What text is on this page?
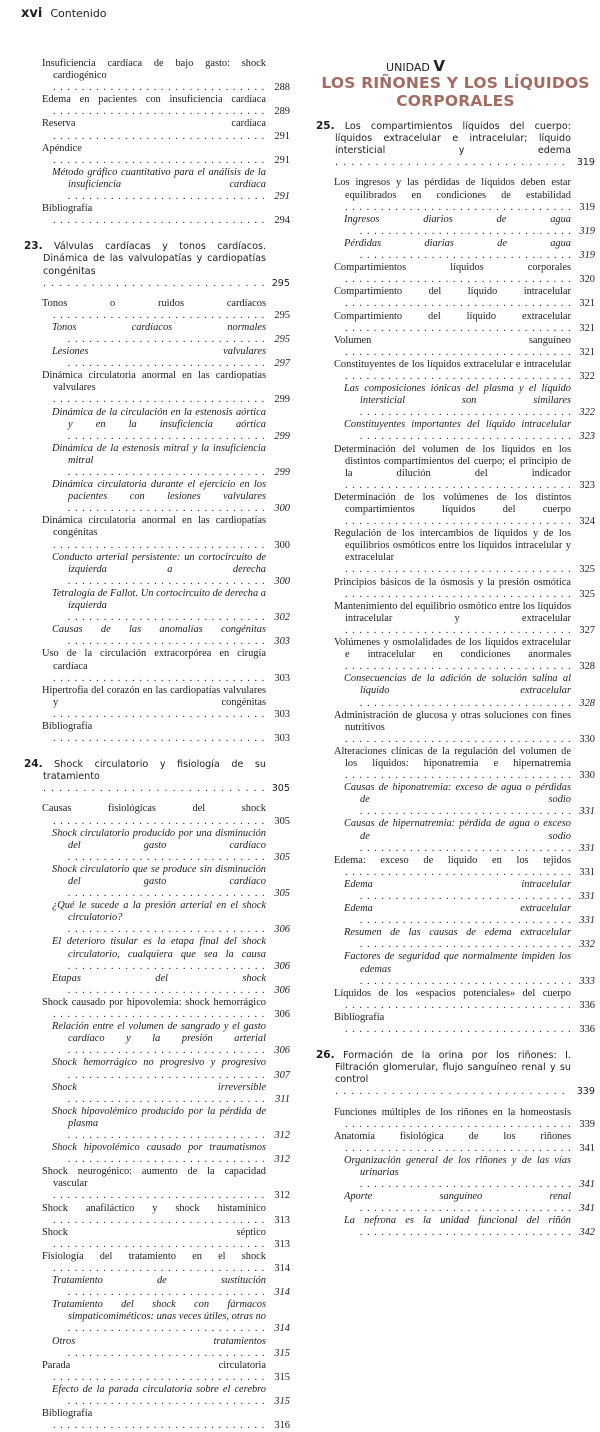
xvi Contenido
Insuficiencia cardíaca de bajo gasto: shock cardiogénico . . .
288
Edema en pacientes con insuficiencia cardíaca . . .
289
Reserva cardíaca . . .
291
Apéndice . . .
291
Método gráfico cuantitativo para el análisis de la insuficiencia cardíaca . . .
291
Bibliografía . . .
294
23. Válvulas cardíacas y tonos cardíacos. Dinámica de las valvulopatías y cardiopatías congénitas . . .
295
Tonos o ruidos cardíacos . . .
295
Tonos cardíacos normales . . .
295
Lesiones valvulares . . .
297
Dinámica circulatoria anormal en las cardiopatías valvulares . . .
299
Dinámica de la circulación en la estenosis aórtica y en la insuficiencia aórtica . . .
299
Dinámica de la estenosis mitral y la insuficiencia mitral . . .
299
Dinámica circulatoria durante el ejercicio en los pacientes con lesiones valvulares . . .
300
Dinámica circulatoria anormal en las cardiopatías congénitas . . .
300
Conducto arterial persistente: un cortocircuito de izquierda a derecha . . .
300
Tetralogía de Fallot. Un cortocircuito de derecha a izquierda . . .
302
Causas de las anomalías congénitas . . .
303
Uso de la circulación extracorpórea en cirugía cardíaca . . .
303
Hipertrofia del corazón en las cardiopatías valvulares y congénitas . . .
303
Bibliografía . . .
303
24. Shock circulatorio y fisiología de su tratamiento . . .
305
Causas fisiológicas del shock . . .
305
Shock circulatorio producido por una disminución del gasto cardíaco . . .
305
Shock circulatorio que se produce sin disminución del gasto cardíaco . . .
305
¿Qué le sucede a la presión arterial en el shock circulatorio? . . .
306
El deterioro tisular es la etapa final del shock circulatorio, cualquiera que sea la causa . . .
306
Etapas del shock . . .
306
Shock causado por hipovolemia: shock hemorrágico . . .
306
Relación entre el volumen de sangrado y el gasto cardíaco y la presión arterial . . .
306
Shock hemorrágico no progresivo y progresivo . . .
307
Shock irreversible . . .
311
Shock hipovolémico producido por la pérdida de plasma . . .
312
Shock hipovolémico causado por traumatismos . . .
312
Shock neurogénico: aumento de la capacidad vascular . . .
312
Shock anafiláctico y shock histamínico . . .
313
Shock séptico . . .
313
Fisiología del tratamiento en el shock . . .
314
Tratamiento de sustitución . . .
314
Tratamiento del shock con fármacos simpaticomiméticos: unas veces útiles, otras no . . .
314
Otros tratamientos . . .
315
Parada circulatoria . . .
315
Efecto de la parada circulatoria sobre el cerebro . . .
315
Bibliografía . . .
316
UNIDAD V
LOS RIÑONES Y LOS LÍQUIDOS
CORPORALES
25. Los compartimientos líquidos del cuerpo: líquidos extracelular e intracelular; líquido intersticial y edema . . .
319
Los ingresos y las pérdidas de líquidos deben estar equilibrados en condiciones de estabilidad . . .
319
Ingresos diarios de agua . . .
319
Pérdidas diarias de agua . . .
319
Compartimientos líquidos corporales . . .
320
Compartimiento del líquido intracelular . . .
321
Compartimiento del líquido extracelular . . .
321
Volumen sanguíneo . . .
321
Constituyentes de los líquidos extracelular e intracelular . . .
322
Las composiciones iónicas del plasma y el líquido intersticial son similares . . .
322
Constituyentes importantes del líquido intracelular . . .
323
Determinación del volumen de los líquidos en los distintos compartimientos del cuerpo; el principio de la dilución del indicador . . .
323
Determinación de los volúmenes de los distintos compartimientos líquidos del cuerpo . . .
324
Regulación de los intercambios de líquidos y de los equilibrios osmóticos entre los líquidos intracelular y extracelular . . .
325
Principios básicos de la ósmosis y la presión osmótica . . .
325
Mantenimiento del equilibrio osmótico entre los líquidos intracelular y extracelular . . .
327
Volúmenes y osmolalidades de los líquidos extracelular e intracelular en condiciones anormales . . .
328
Consecuencias de la adición de solución salina al líquido extracelular . . .
328
Administración de glucosa y otras soluciones con fines nutritivos . . .
330
Alteraciones clínicas de la regulación del volumen de los líquidos: hiponatremia e hipernatremia . . .
330
Causas de hiponatremia: exceso de agua o pérdidas de sodio . . .
331
Causas de hipernatremia: pérdida de agua o exceso de sodio . . .
331
Edema: exceso de líquido en los tejidos . . .
331
Edema intracelular . . .
331
Edema extracelular . . .
331
Resumen de las causas de edema extracelular . . .
332
Factores de seguridad que normalmente impiden los edemas . . .
333
Líquidos de los «espacios potenciales» del cuerpo . . .
336
Bibliografía . . .
336
26. Formación de la orina por los riñones: I. Filtración glomerular, flujo sanguíneo renal y su control . . .
339
Funciones múltiples de los riñones en la homeostasis . . .
339
Anatomía fisiológica de los riñones . . .
341
Organización general de los riñones y de las vías urinarias . . .
341
Aporte sanguíneo renal . . .
341
La nefrona es la unidad funcional del riñón . . .
342
